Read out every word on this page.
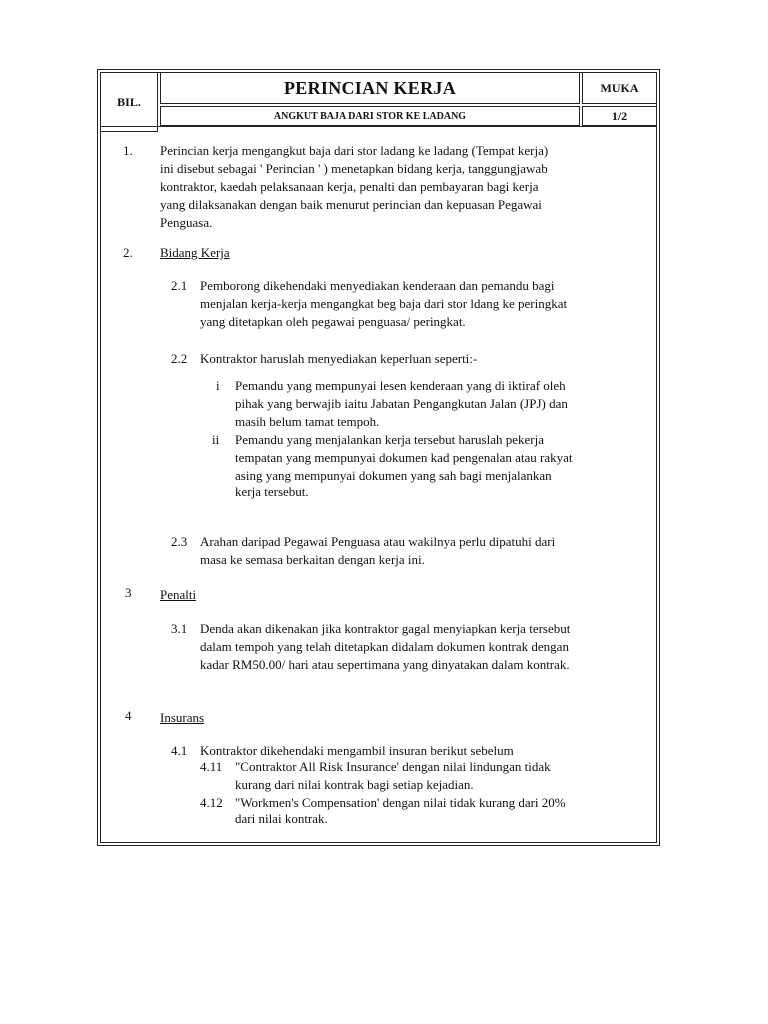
BIL.
PERINCIAN KERJA
ANGKUT BAJA DARI STOR KE LADANG
MUKA
1/2
1. Perincian kerja mengangkut baja dari stor ladang ke ladang (Tempat kerja)
ini disebut sebagai ' Perincian ' ) menetapkan bidang kerja, tanggungjawab
kontraktor, kaedah pelaksanaan kerja, penalti dan pembayaran bagi kerja
yang dilaksanakan dengan baik menurut perincian dan kepuasan Pegawai
Penguasa.
2. Bidang Kerja
2.1 Pemborong dikehendaki menyediakan kenderaan dan pemandu bagi
menjalan kerja-kerja mengangkat beg baja dari stor ldang ke peringkat
yang ditetapkan oleh pegawai penguasa/ peringkat.
2.2 Kontraktor haruslah menyediakan keperluan seperti:-
i Pemandu yang mempunyai lesen kenderaan yang di iktiraf oleh
pihak yang berwajib iaitu Jabatan Pengangkutan Jalan (JPJ) dan
masih belum tamat tempoh.
ii Pemandu yang menjalankan kerja tersebut haruslah pekerja
tempatan yang mempunyai dokumen kad pengenalan atau rakyat
asing yang mempunyai dokumen yang sah bagi menjalankan
kerja tersebut.
2.3 Arahan daripad Pegawai Penguasa atau wakilnya perlu dipatuhi dari
masa ke semasa berkaitan dengan kerja ini.
3 Penalti
3.1 Denda akan dikenakan jika kontraktor gagal menyiapkan kerja tersebut
dalam tempoh yang telah ditetapkan didalam dokumen kontrak dengan
kadar RM50.00/ hari atau sepertimana yang dinyatakan dalam kontrak.
4 Insurans
4.1 Kontraktor dikehendaki mengambil insuran berikut sebelum
4.11 "Contraktor All Risk Insurance' dengan nilai lindungan tidak
kurang dari nilai kontrak bagi setiap kejadian.
4.12 "Workmen's Compensation' dengan nilai tidak kurang dari 20%
dari nilai kontrak.
